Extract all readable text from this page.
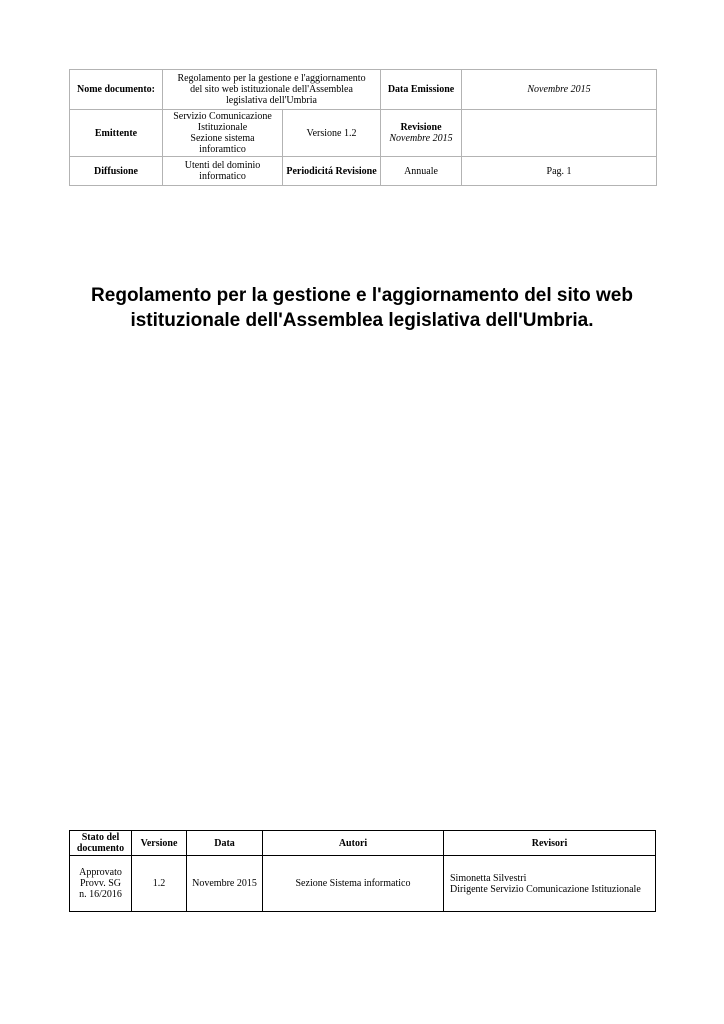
Nome documento:	Regolamento per la gestione e l'aggiornamento
del sito web istituzionale dell'Assemblea
legislativa dell'Umbria		Data Emissione	Novembre 2015
Emittente	Servizio Comunicazione
Istituzionale
Sezione sistema inforamtico	Versione 1.2	Revisione
Novembre 2015	

Diffusione	Utenti del dominio
informatico	Periodicitá Revisione	Annuale	Pag. 1
Regolamento per la gestione e l'aggiornamento del sito web
istituzionale dell'Assemblea legislativa dell'Umbria.
Stato del
documento	Versione	Data	Autori	Revisori

Approvato
Provv. SG
n. 16/2016	1.2	Novembre 2015	Sezione Sistema informatico	Simonetta Silvestri
Dirigente Servizio Comunicazione Istituzionale
